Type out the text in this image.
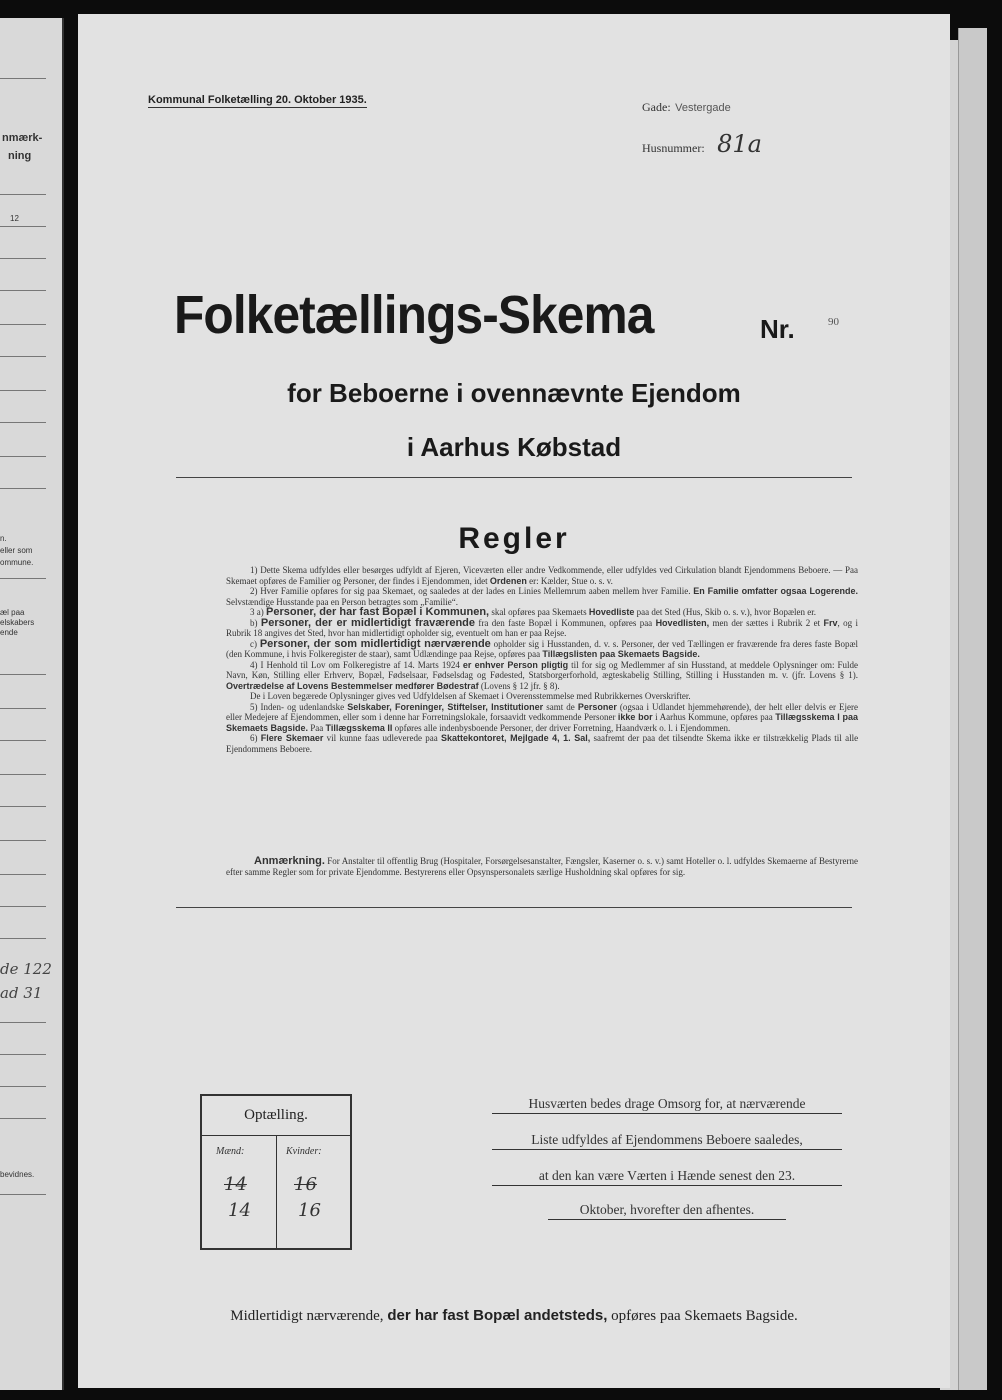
nmærk-
ning
12
n.
eller som
ommune.
æl paa
elskabers
ende
de 122
ad 31
bevidnes.
Kommunal Folketælling 20. Oktober 1935.	Gade: Vestergade
Husnummer: 81a
Folketællings-Skema	Nr.	90
for Beboerne i ovennævnte Ejendom
i Aarhus Købstad
Regler

1) Dette Skema udfyldes eller besørges udfyldt af Ejeren, Viceværten eller andre Vedkommende, eller udfyldes ved Cirkulation blandt Ejendommens Beboere. — Paa Skemaet opføres de Familier og Personer, der findes i Ejendommen, idet Ordenen er: Kælder, Stue o. s. v.

2) Hver Familie opføres for sig paa Skemaet, og saaledes at der lades en Linies Mellemrum aaben mellem hver Familie. En Familie omfatter ogsaa Logerende. Selvstændige Husstande paa en Person betragtes som „Familie“.

3 a) Personer, der har fast Bopæl i Kommunen, skal opføres paa Skemaets Hovedliste paa det Sted (Hus, Skib o. s. v.), hvor Bopælen er.

b) Personer, der er midlertidigt fraværende fra den faste Bopæl i Kommunen, opføres paa Hovedlisten, men der sættes i Rubrik 2 et Frv, og i Rubrik 18 angives det Sted, hvor han midlertidigt opholder sig, eventuelt om han er paa Rejse.

c) Personer, der som midlertidigt nærværende opholder sig i Husstanden, d. v. s. Personer, der ved Tællingen er fraværende fra deres faste Bopæl (den Kommune, i hvis Folkeregister de staar), samt Udlændinge paa Rejse, opføres paa Tillægslisten paa Skemaets Bagside.

4) I Henhold til Lov om Folkeregistre af 14. Marts 1924 er enhver Person pligtig til for sig og Medlemmer af sin Husstand, at meddele Oplysninger om: Fulde Navn, Køn, Stilling eller Erhverv, Bopæl, Fødselsaar, Fødselsdag og Fødested, Statsborgerforhold, ægteskabelig Stilling, Stilling i Husstanden m. v. (jfr. Lovens § 1). Overtrædelse af Lovens Bestemmelser medfører Bødestraf (Lovens § 12 jfr. § 8).

De i Loven begærede Oplysninger gives ved Udfyldelsen af Skemaet i Overensstemmelse med Rubrikkernes Overskrifter.

5) Inden- og udenlandske Selskaber, Foreninger, Stiftelser, Institutioner samt de Personer (ogsaa i Udlandet hjemmehørende), der helt eller delvis er Ejere eller Medejere af Ejendommen, eller som i denne har Forretningslokale, forsaavidt vedkommende Personer ikke bor i Aarhus Kommune, opføres paa Tillægsskema I paa Skemaets Bagside. Paa Tillægsskema II opføres alle indenbysboende Personer, der driver Forretning, Haandværk o. l. i Ejendommen.

6) Flere Skemaer vil kunne faas udleverede paa Skattekontoret, Mejlgade 4, 1. Sal, saafremt der paa det tilsendte Skema ikke er tilstrækkelig Plads til alle Ejendommens Beboere.

Anmærkning. For Anstalter til offentlig Brug (Hospitaler, Forsørgelsesanstalter, Fængsler, Kaserner o. s. v.) samt Hoteller o. l. udfyldes Skemaerne af Bestyrerne efter samme Regler som for private Ejendomme. Bestyrerens eller Opsynspersonalets særlige Husholdning skal opføres for sig.
Optælling.
Mænd:	Kvinder:
14	16
14	16
Husværten bedes drage Omsorg for, at nærværende
Liste udfyldes af Ejendommens Beboere saaledes,
at den kan være Værten i Hænde senest den 23.
Oktober, hvorefter den afhentes.
Midlertidigt nærværende, der har fast Bopæl andetsteds, opføres paa Skemaets Bagside.
